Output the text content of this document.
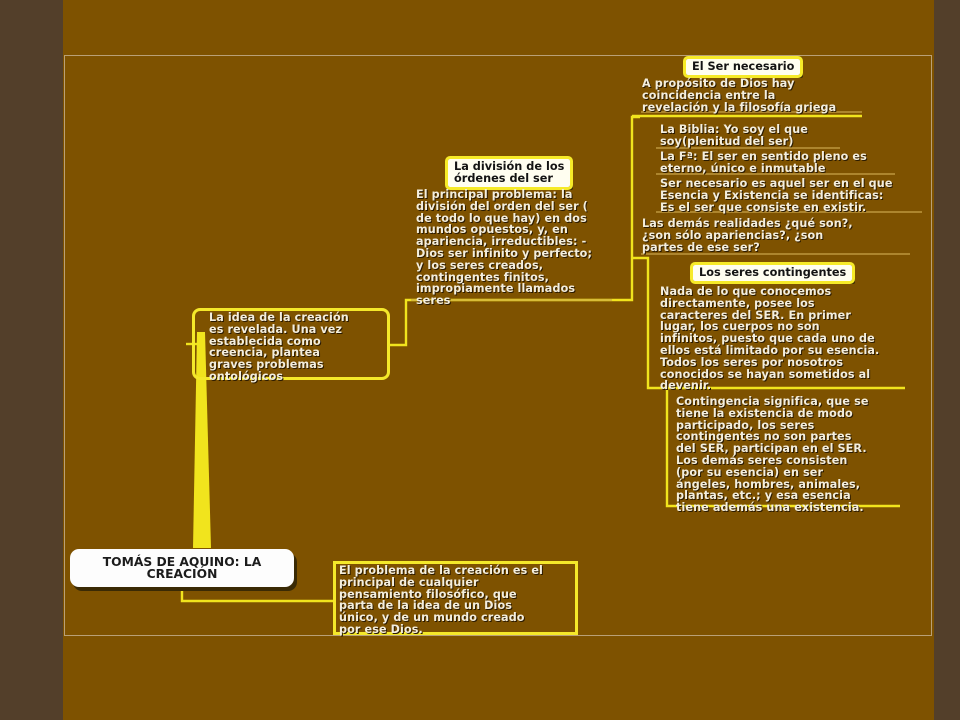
TOMÁS DE AQUINO: LA
CREACIÓN	El problema de la creación es el
principal de cualquier
pensamiento filosófico, que
parta de la idea de un Dios
único, y de un mundo creado
por ese Dios.

La idea de la creación
es revelada. Una vez
establecida como
creencia, plantea
graves problemas
ontológicos

La división de los
órdenes del ser

El principal problema: la
división del orden del ser (
de todo lo que hay) en dos
mundos opuestos, y, en
apariencia, irreductibles: -
Dios ser infinito y perfecto;
y los seres creados,
contingentes finitos,
impropiamente llamados
seres

El Ser necesario

A propósito de Dios hay
coincidencia entre la
revelación y la filosofía griega

La Biblia: Yo soy el que
soy(plenitud del ser)

La Fª: El ser en sentido pleno es
eterno, único e inmutable

Ser necesario es aquel ser en el que
Esencia y Existencia se identificas:
Es el ser que consiste en existir.

Las demás realidades ¿qué son?,
¿son sólo apariencias?, ¿son
partes de ese ser?

Los seres contingentes

Nada de lo que conocemos
directamente, posee los
caracteres del SER. En primer
lugar, los cuerpos no son
infinitos, puesto que cada uno de
ellos está limitado por su esencia.
Todos los seres por nosotros
conocidos se hayan sometidos al
devenir.

Contingencia significa, que se
tiene la existencia de modo
participado, los seres
contingentes no son partes
del SER, participan en el SER.
Los demás seres consisten
(por su esencia) en ser
ángeles, hombres, animales,
plantas, etc.; y esa esencia
tiene además una existencia.
